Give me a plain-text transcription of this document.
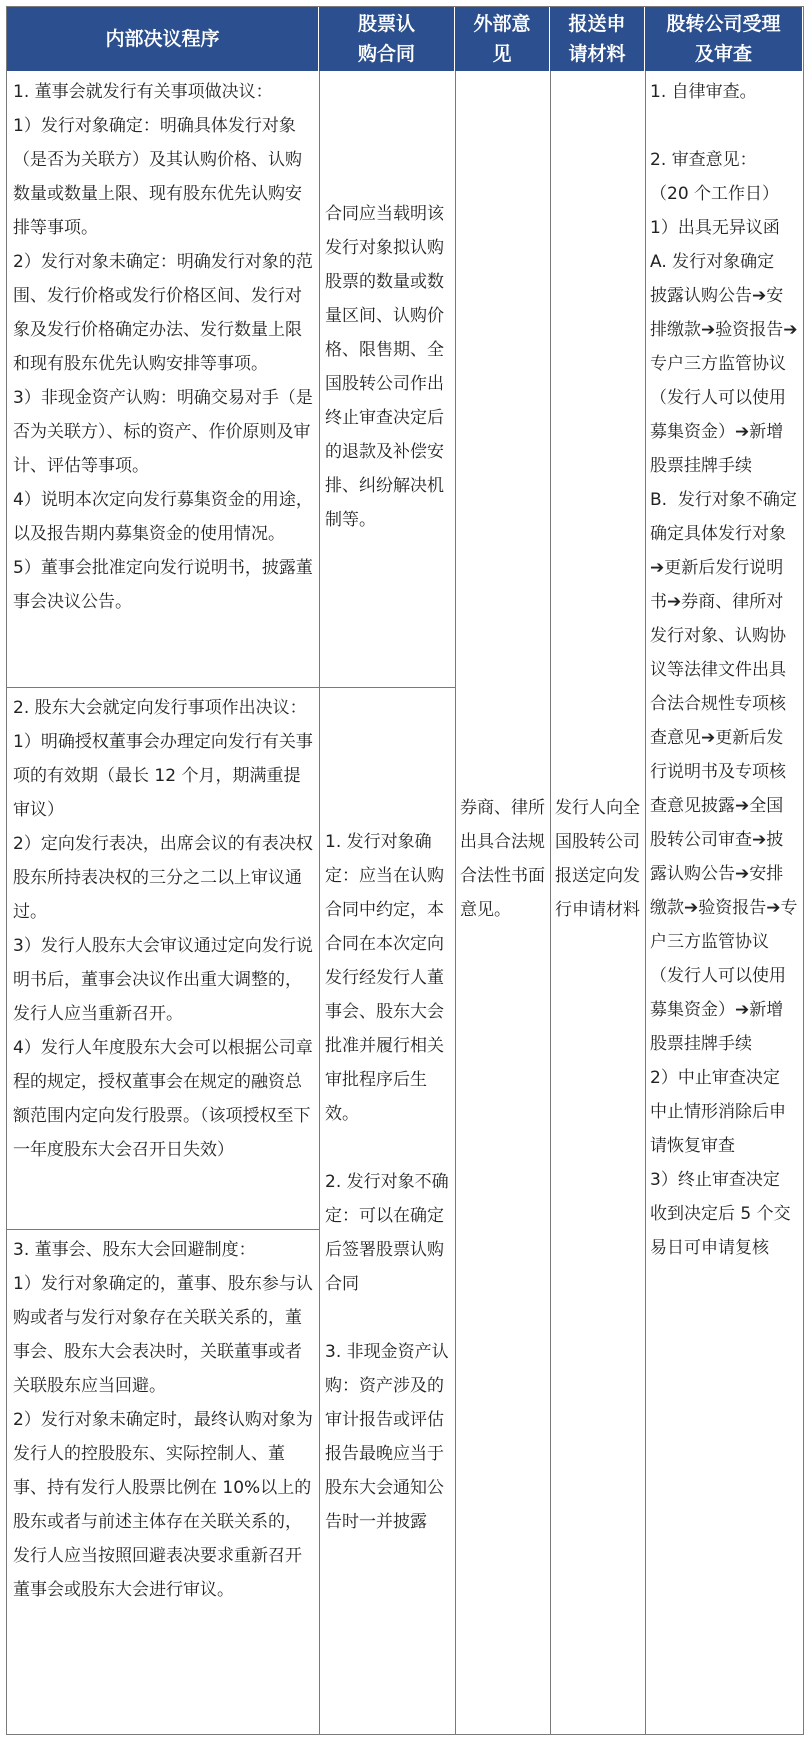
内部决议程序
股票认
购合同
外部意
见
报送申
请材料
股转公司受理
及审查

1. 董事会就发行有关事项做决议：
1）发行对象确定：明确具体发行对象（是否为关联方）及其认购价格、认购数量或数量上限、现有股东优先认购安排等事项。
2）发行对象未确定：明确发行对象的范围、发行价格或发行价格区间、发行对象及发行价格确定办法、发行数量上限和现有股东优先认购安排等事项。
3）非现金资产认购：明确交易对手（是否为关联方）、标的资产、作价原则及审计、评估等事项。
4）说明本次定向发行募集资金的用途，以及报告期内募集资金的使用情况。
5）董事会批准定向发行说明书，披露董事会决议公告。

2. 股东大会就定向发行事项作出决议：
1）明确授权董事会办理定向发行有关事项的有效期（最长 12 个月，期满重提审议）
2）定向发行表决，出席会议的有表决权股东所持表决权的三分之二以上审议通过。
3）发行人股东大会审议通过定向发行说明书后，董事会决议作出重大调整的，发行人应当重新召开。
4）发行人年度股东大会可以根据公司章程的规定，授权董事会在规定的融资总额范围内定向发行股票。（该项授权至下一年度股东大会召开日失效）

3. 董事会、股东大会回避制度：
1）发行对象确定的，董事、股东参与认购或者与发行对象存在关联关系的，董事会、股东大会表决时，关联董事或者关联股东应当回避。
2）发行对象未确定时，最终认购对象为发行人的控股股东、实际控制人、董事、持有发行人股票比例在 10%以上的股东或者与前述主体存在关联关系的，发行人应当按照回避表决要求重新召开董事会或股东大会进行审议。

合同应当载明该发行对象拟认购股票的数量或数量区间、认购价格、限售期、全国股转公司作出终止审查决定后的退款及补偿安排、纠纷解决机制等。

1. 发行对象确定：应当在认购合同中约定，本合同在本次定向发行经发行人董事会、股东大会批准并履行相关审批程序后生效。

2. 发行对象不确定：可以在确定后签署股票认购合同

3. 非现金资产认购：资产涉及的审计报告或评估报告最晚应当于股东大会通知公告时一并披露

券商、律所出具合法规合法性书面意见。

发行人向全国股转公司报送定向发行申请材料

1. 自律审查。

2. 审查意见：
（20 个工作日）
1）出具无异议函
A. 发行对象确定
披露认购公告➔安排缴款➔验资报告➔专户三方监管协议（发行人可以使用募集资金）➔新增股票挂牌手续
B.  发行对象不确定
确定具体发行对象➔更新后发行说明书➔券商、律所对发行对象、认购协议等法律文件出具合法合规性专项核查意见➔更新后发行说明书及专项核查意见披露➔全国股转公司审查➔披露认购公告➔安排缴款➔验资报告➔专户三方监管协议（发行人可以使用募集资金）➔新增股票挂牌手续
2）中止审查决定
中止情形消除后申请恢复审查
3）终止审查决定
收到决定后 5 个交易日可申请复核
